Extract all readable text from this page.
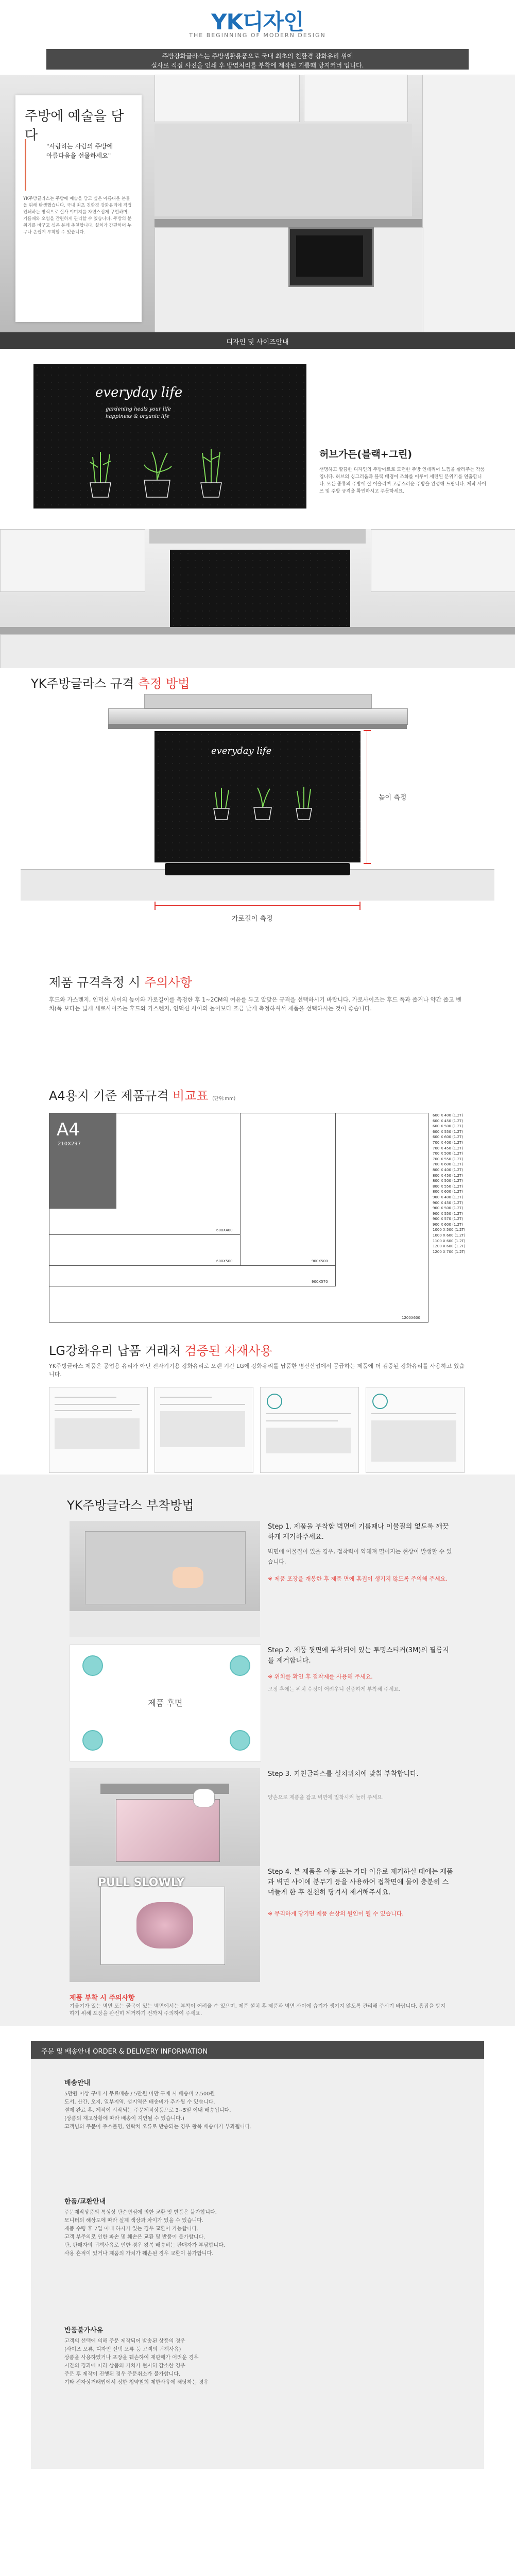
YK디자인
THE BEGINNING OF MODERN DESIGN
주방강화글라스는 주방생활용품으로 국내 최초의 친환경 강화유리 위에
실사로 직접 사진을 인쇄 후 방염처리를 부착에 제작된 기름때 방지커버 입니다.
주방에 예술을 담다
"사랑하는 사람의 주방에
아름다움을 선물하세요"
YK주방글라스는 주방에 예술을 담고 싶은 아름다운 분들을 위해 탄생했습니다. 국내 최초 친환경 강화유리에 직접 인쇄하는 방식으로 실사 이미지를 자연스럽게 구현하며, 기름때와 오염을 간편하게 관리할 수 있습니다. 주방의 분위기를 바꾸고 싶은 분께 추천합니다. 설치가 간편하며 누구나 손쉽게 부착할 수 있습니다.
디자인 및 사이즈안내
everyday life
gardening heals your life
happiness & organic life
허브가든(블랙+그린)
선명하고 깔끔한 디자인의 주방아트로 모던한 주방 인테리어 느낌을 살려주는 작품입니다. 허브의 싱그러움과 블랙 배경이 조화를 이루어 세련된 분위기를 연출합니다. 모든 종류의 주방에 잘 어울리며 고급스러운 주방을 완성해 드립니다. 제작 사이즈 및 주방 규격을 확인하시고 주문하세요.
YK주방글라스 규격 측정 방법
everyday life
높이 측정
가로길이 측정
제품 규격측정 시 주의사항
후드와 가스렌지, 인덕션 사이의 높이와 가로길이를 측정한 후 1~2CM의 여유를 두고 알맞은 규격을 선택하시기 바랍니다. 가로사이즈는 후드 폭과 좁거나 약간 좁고 벤치(폭 보다는 넓게 세로사이즈는 후드와 가스렌지, 인덕션 사이의 높이보다 조금 낮게 측정하셔서 제품을 선택하시는 것이 좋습니다.
A4용지 기준 제품규격 비교표 (단위:mm)
A4
210X297
600X400
600X500	900X500
900X570
1200X600
600 X 400 (1.2T)
600 X 450 (1.2T)
600 X 500 (1.2T)
600 X 550 (1.2T)
600 X 600 (1.2T)
700 X 400 (1.2T)
700 X 450 (1.2T)
700 X 500 (1.2T)
700 X 550 (1.2T)
700 X 600 (1.2T)
800 X 400 (1.2T)
800 X 450 (1.2T)
800 X 500 (1.2T)
800 X 550 (1.2T)
800 X 600 (1.2T)
900 X 400 (1.2T)
900 X 450 (1.2T)
900 X 500 (1.2T)
900 X 550 (1.2T)
900 X 570 (1.2T)
900 X 600 (1.2T)
1000 X 500 (1.2T)
1000 X 600 (1.2T)
1100 X 600 (1.2T)
1200 X 600 (1.2T)
1200 X 700 (1.2T)
LG강화유리 납품 거래처 검증된 자재사용
YK주방글라스 제품은 공업용 유리가 아닌 전자기기용 강화유리로 오랜 기간 LG에 강화유리를 납품한 명신산업에서 공급하는 제품에 더 검증된 강화유리를 사용하고 있습니다.
YK주방글라스 부착방법
Step 1. 제품을 부착할 벽면에 기름때나 이물질의 없도록 깨끗하게 제거하주세요.
벽면에 이물질이 있을 경우, 접착력이 약해져 떨어지는 현상이 발생할 수 있습니다.
※ 제품 포장을 개봉한 후 제품 면에 흠집이 생기지 않도록 주의해 주세요.
제품 후면
Step 2. 제품 뒷면에 부착되어 있는 투명스티커(3M)의 필름지를 제거합니다.
※ 위치를 확인 후 접착제를 사용해 주세요.
고정 후에는 위치 수정이 어려우니 신중하게 부착해 주세요.
Step 3. 키친글라스를 설치위치에 맞춰 부착합니다.
양손으로 제품을 잡고 벽면에 밀착시켜 눌러 주세요.
PULL SLOWLY
Step 4. 본 제품을 이동 또는 가타 이유로 제거하실 때에는 제품과 벽면 사이에 분무기 등을 사용하여 접착면에 물이 충분히 스며들게 한 후 천천히 당겨서 제거해주세요.
※ 무리하게 당기면 제품 손상의 원인이 될 수 있습니다.
제품 부착 시 주의사항
기울기가 있는 벽면 또는 굴곡이 있는 벽면에서는 부착이 어려울 수 있으며, 제품 설치 후 제품과 벽면 사이에 습기가 생기지 않도록 관리해 주시기 바랍니다. 흠집을 방지하기 위해 포장을 완전히 제거하기 전까지 주의하여 주세요.
주문 및 배송안내 ORDER & DELIVERY INFORMATION
배송안내
5만원 이상 구매 시 무료배송 / 5만원 미만 구매 시 배송비 2,500원
도서, 산간, 오지, 일부지역, 섬지역은 배송비가 추가될 수 있습니다.
결제 완료 후, 제작이 시작되는 주문제작상품으로 3~5일 이내 배송됩니다.
(상품의 재고상황에 따라 배송이 지연될 수 있습니다.)
고객님의 주문이 주소불명, 연락처 오류로 반송되는 경우 왕복 배송비가 부과됩니다.
한품/교환안내
주문제작상품의 특성상 단순변심에 의한 교환 및 반품은 불가합니다.
모니터의 해상도에 따라 실제 색상과 차이가 있을 수 있습니다.
제품 수령 후 7일 이내 하자가 있는 경우 교환이 가능합니다.
고객 부주의로 인한 파손 및 훼손은 교환 및 반품이 불가합니다.
단, 판매자의 귀책사유로 인한 경우 왕복 배송비는 판매자가 부담합니다.
사용 흔적이 있거나 제품의 가치가 훼손된 경우 교환이 불가합니다.
반품불가사유
고객의 선택에 의해 주문 제작되어 발송된 상품의 경우
(사이즈 오류, 디자인 선택 오류 등 고객의 귀책사유)
상품을 사용하였거나 포장을 훼손하여 재판매가 어려운 경우
시간의 경과에 따라 상품의 가치가 현저히 감소한 경우
주문 후 제작이 진행된 경우 주문취소가 불가합니다.
기타 전자상거래법에서 정한 청약철회 제한사유에 해당하는 경우
